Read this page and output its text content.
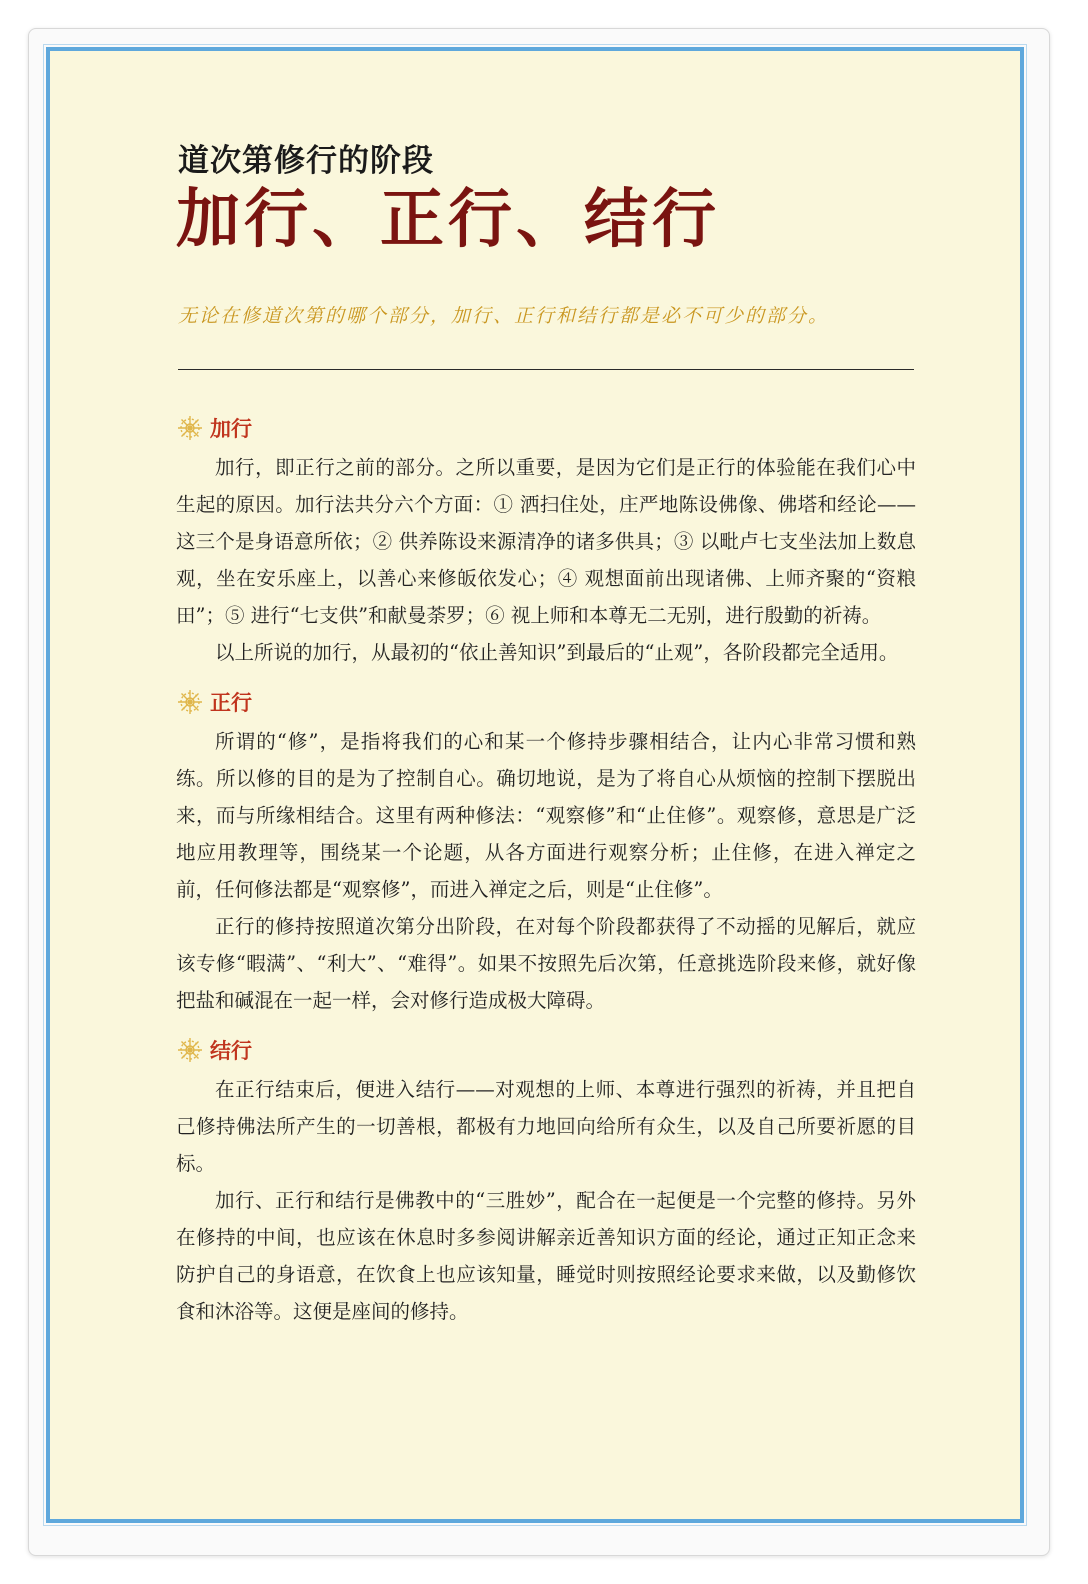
道次第修行的阶段
加行、正行、结行

无论在修道次第的哪个部分，加行、正行和结行都是必不可少的部分。

加行

加行，即正行之前的部分。之所以重要，是因为它们是正行的体验能在我们心中生起的原因。加行法共分六个方面：① 洒扫住处，庄严地陈设佛像、佛塔和经论——这三个是身语意所依；② 供养陈设来源清净的诸多供具；③ 以毗卢七支坐法加上数息观，坐在安乐座上，以善心来修皈依发心；④ 观想面前出现诸佛、上师齐聚的“资粮田”；⑤ 进行“七支供”和献曼荼罗；⑥ 视上师和本尊无二无别，进行殷勤的祈祷。

以上所说的加行，从最初的“依止善知识”到最后的“止观”，各阶段都完全适用。

正行

所谓的“修”，是指将我们的心和某一个修持步骤相结合，让内心非常习惯和熟练。所以修的目的是为了控制自心。确切地说，是为了将自心从烦恼的控制下摆脱出来，而与所缘相结合。这里有两种修法：“观察修”和“止住修”。观察修，意思是广泛地应用教理等，围绕某一个论题，从各方面进行观察分析；止住修，在进入禅定之前，任何修法都是“观察修”，而进入禅定之后，则是“止住修”。

正行的修持按照道次第分出阶段，在对每个阶段都获得了不动摇的见解后，就应该专修“暇满”、“利大”、“难得”。如果不按照先后次第，任意挑选阶段来修，就好像把盐和碱混在一起一样，会对修行造成极大障碍。

结行

在正行结束后，便进入结行——对观想的上师、本尊进行强烈的祈祷，并且把自己修持佛法所产生的一切善根，都极有力地回向给所有众生，以及自己所要祈愿的目标。

加行、正行和结行是佛教中的“三胜妙”，配合在一起便是一个完整的修持。另外在修持的中间，也应该在休息时多参阅讲解亲近善知识方面的经论，通过正知正念来防护自己的身语意，在饮食上也应该知量，睡觉时则按照经论要求来做，以及勤修饮食和沐浴等。这便是座间的修持。
